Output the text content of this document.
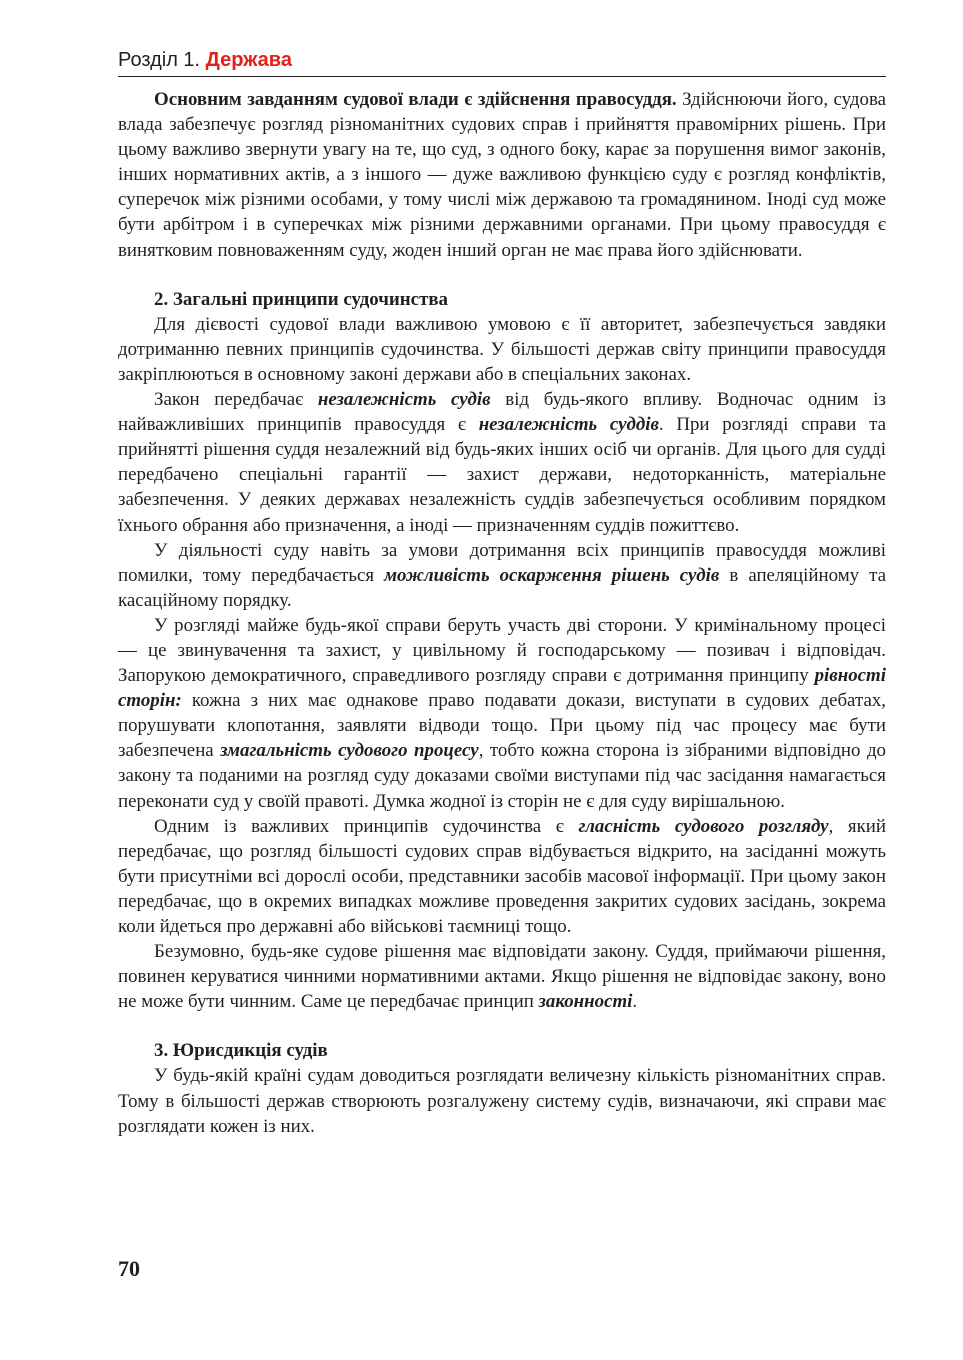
Розділ 1. Держава

Основним завданням судової влади є здійснення правосуддя. Здійснюючи його, судова влада забезпечує розгляд різноманітних судових справ і прийняття правомірних рішень. При цьому важливо звернути увагу на те, що суд, з одного боку, карає за порушення вимог законів, інших нормативних актів, а з іншого — дуже важливою функцією суду є розгляд конфліктів, суперечок між різними особами, у тому числі між державою та громадянином. Іноді суд може бути арбітром і в суперечках між різними державними органами. При цьому правосуддя є винятковим повноваженням суду, жоден інший орган не має права його здійснювати.

2. Загальні принципи судочинства

Для дієвості судової влади важливою умовою є її авторитет, забезпечується завдяки дотриманню певних принципів судочинства. У більшості держав світу принципи правосуддя закріплюються в основному законі держави або в спеціальних законах.

Закон передбачає незалежність судів від будь-якого впливу. Водночас одним із найважливіших принципів правосуддя є незалежність суддів. При розгляді справи та прийнятті рішення суддя незалежний від будь-яких інших осіб чи органів. Для цього для судді передбачено спеціальні гарантії — захист держави, недоторканність, матеріальне забезпечення. У деяких державах незалежність суддів забезпечується особливим порядком їхнього обрання або призначення, а іноді — призначенням суддів пожиттєво.

У діяльності суду навіть за умови дотримання всіх принципів правосуддя можливі помилки, тому передбачається можливість оскарження рішень судів в апеляційному та касаційному порядку.

У розгляді майже будь-якої справи беруть участь дві сторони. У кримінальному процесі — це звинувачення та захист, у цивільному й господарському — позивач і відповідач. Запорукою демократичного, справедливого розгляду справи є дотримання принципу рівності сторін: кожна з них має однакове право подавати докази, виступати в судових дебатах, порушувати клопотання, заявляти відводи тощо. При цьому під час процесу має бути забезпечена змагальність судового процесу, тобто кожна сторона із зібраними відповідно до закону та поданими на розгляд суду доказами своїми виступами під час засідання намагається переконати суд у своїй правоті. Думка жодної із сторін не є для суду вирішальною.

Одним із важливих принципів судочинства є гласність судового розгляду, який передбачає, що розгляд більшості судових справ відбувається відкрито, на засіданні можуть бути присутніми всі дорослі особи, представники засобів масової інформації. При цьому закон передбачає, що в окремих випадках можливе проведення закритих судових засідань, зокрема коли йдеться про державні або військові таємниці тощо.

Безумовно, будь-яке судове рішення має відповідати закону. Суддя, приймаючи рішення, повинен керуватися чинними нормативними актами. Якщо рішення не відповідає закону, воно не може бути чинним. Саме це передбачає принцип законності.

3. Юрисдикція судів

У будь-якій країні судам доводиться розглядати величезну кількість різноманітних справ. Тому в більшості держав створюють розгалужену систему судів, визначаючи, які справи має розглядати кожен із них.

70
